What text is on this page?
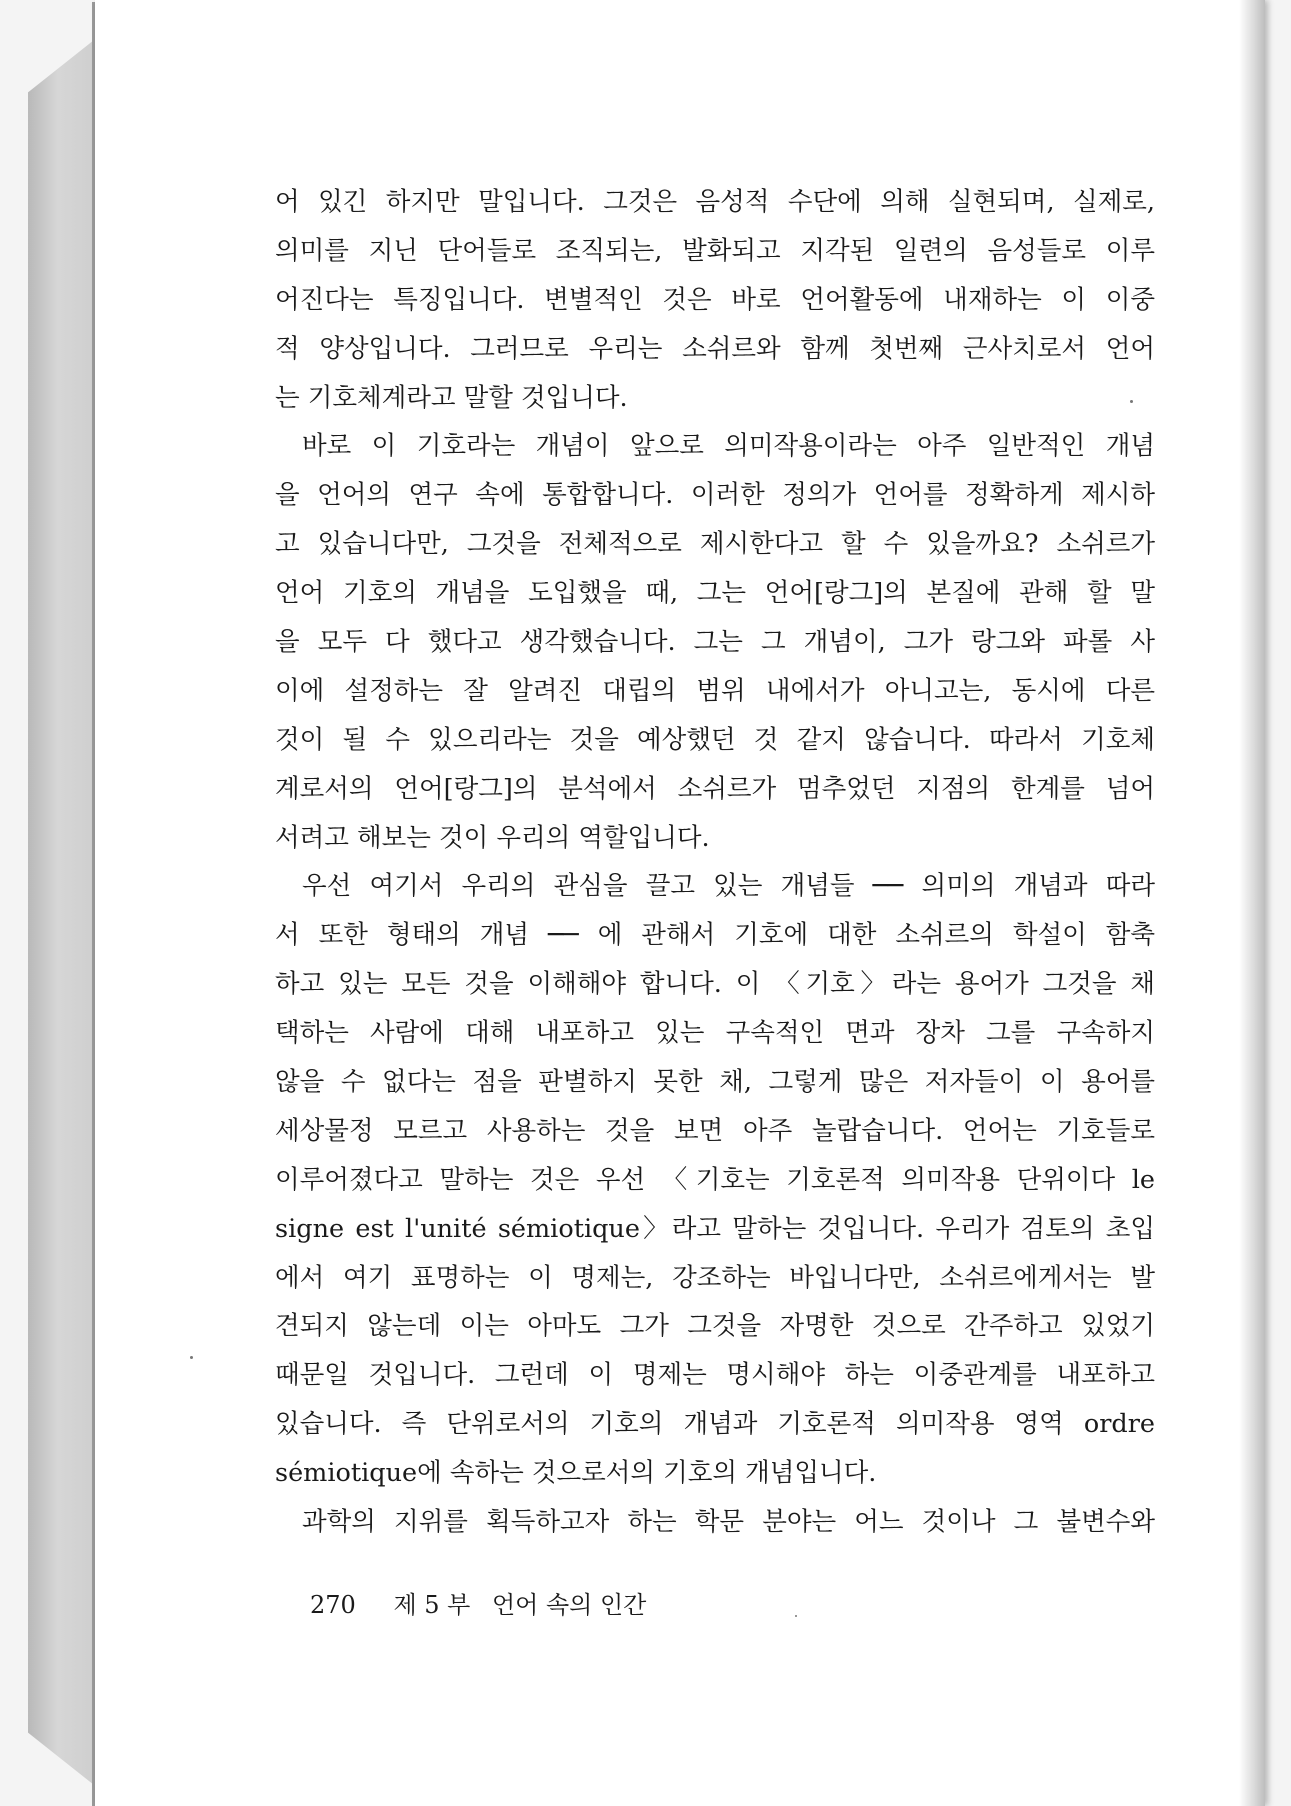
어 있긴 하지만 말입니다. 그것은 음성적 수단에 의해 실현되며, 실제로,
의미를 지닌 단어들로 조직되는, 발화되고 지각된 일련의 음성들로 이루
어진다는 특징입니다. 변별적인 것은 바로 언어활동에 내재하는 이 이중
적 양상입니다. 그러므로 우리는 소쉬르와 함께 첫번째 근사치로서 언어
는 기호체계라고 말할 것입니다.
바로 이 기호라는 개념이 앞으로 의미작용이라는 아주 일반적인 개념
을 언어의 연구 속에 통합합니다. 이러한 정의가 언어를 정확하게 제시하
고 있습니다만, 그것을 전체적으로 제시한다고 할 수 있을까요? 소쉬르가
언어 기호의 개념을 도입했을 때, 그는 언어[랑그]의 본질에 관해 할 말
을 모두 다 했다고 생각했습니다. 그는 그 개념이, 그가 랑그와 파롤 사
이에 설정하는 잘 알려진 대립의 범위 내에서가 아니고는, 동시에 다른
것이 될 수 있으리라는 것을 예상했던 것 같지 않습니다. 따라서 기호체
계로서의 언어[랑그]의 분석에서 소쉬르가 멈추었던 지점의 한계를 넘어
서려고 해보는 것이 우리의 역할입니다.
우선 여기서 우리의 관심을 끌고 있는 개념들 ── 의미의 개념과 따라
서 또한 형태의 개념 ── 에 관해서 기호에 대한 소쉬르의 학설이 함축
하고 있는 모든 것을 이해해야 합니다. 이 〈기호〉라는 용어가 그것을 채
택하는 사람에 대해 내포하고 있는 구속적인 면과 장차 그를 구속하지
않을 수 없다는 점을 판별하지 못한 채, 그렇게 많은 저자들이 이 용어를
세상물정 모르고 사용하는 것을 보면 아주 놀랍습니다. 언어는 기호들로
이루어졌다고 말하는 것은 우선 〈기호는 기호론적 의미작용 단위이다 le
signe est l'unité sémiotique〉라고 말하는 것입니다. 우리가 검토의 초입
에서 여기 표명하는 이 명제는, 강조하는 바입니다만, 소쉬르에게서는 발
견되지 않는데 이는 아마도 그가 그것을 자명한 것으로 간주하고 있었기
때문일 것입니다. 그런데 이 명제는 명시해야 하는 이중관계를 내포하고
있습니다. 즉 단위로서의 기호의 개념과 기호론적 의미작용 영역 ordre
sémiotique에 속하는 것으로서의 기호의 개념입니다.
과학의 지위를 획득하고자 하는 학문 분야는 어느 것이나 그 불변수와
270 제 5 부 언어 속의 인간
